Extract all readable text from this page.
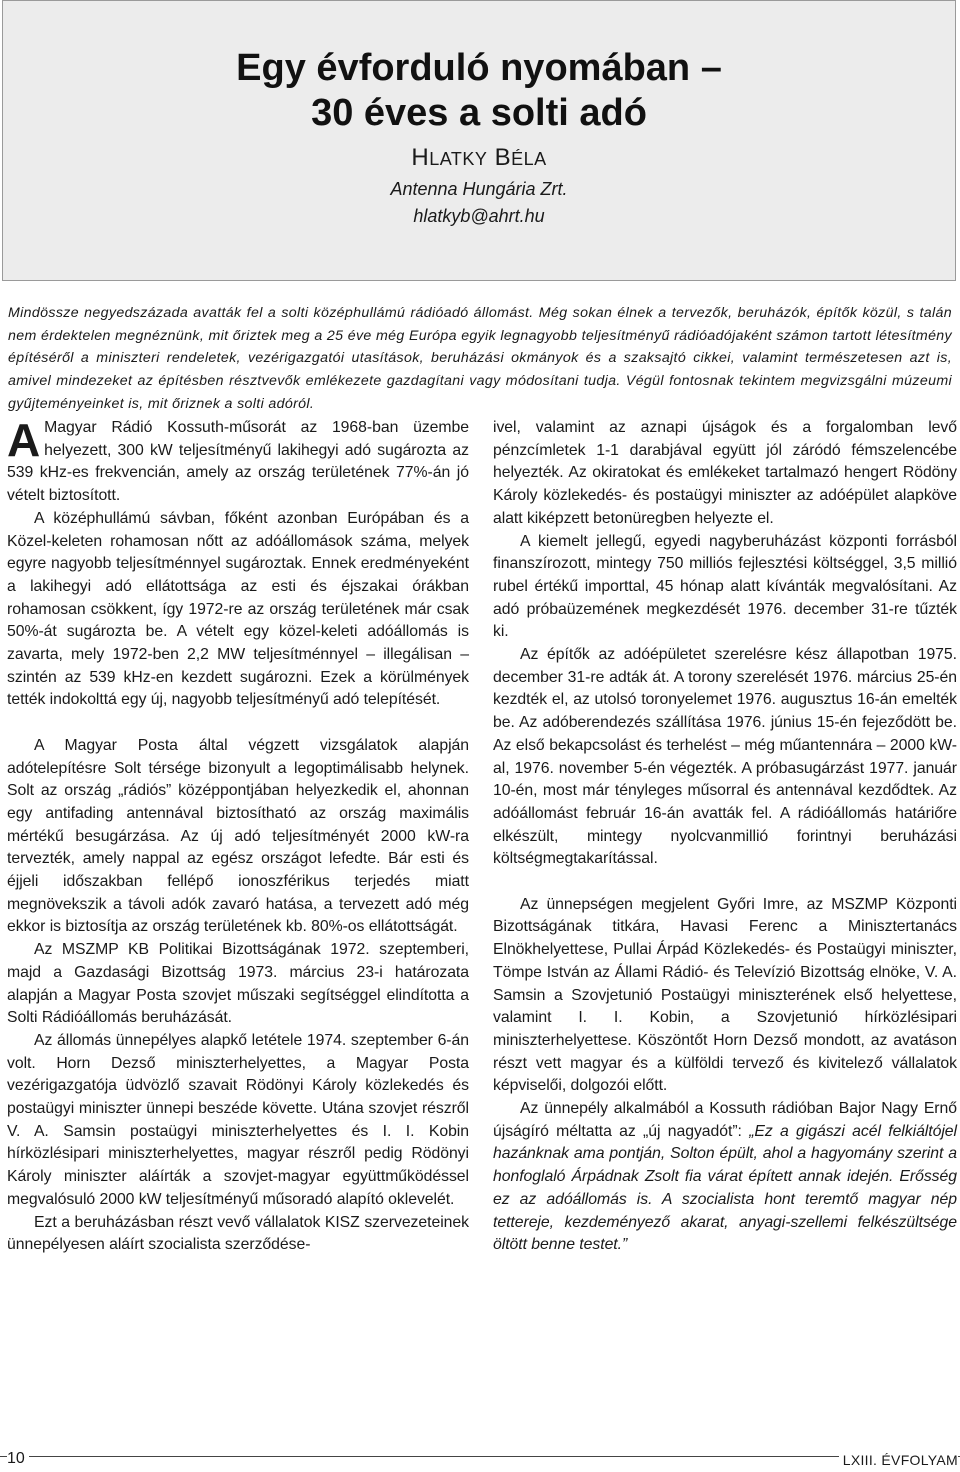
Egy évforduló nyomában –
30 éves a solti adó
HLATKY BÉLA
Antenna Hungária Zrt.
hlatkyb@ahrt.hu
Mindössze negyedszázada avatták fel a solti középhullámú rádióadó állomást. Még sokan élnek a tervezők, beruházók, építők közül, s talán nem érdektelen megnéznünk, mit őriztek meg a 25 éve még Európa egyik legnagyobb teljesítményű rádióadójaként számon tartott létesítmény építéséről a miniszteri rendeletek, vezérigazgatói utasítások, beruházási okmányok és a szaksajtó cikkei, valamint természetesen azt is, amivel mindezeket az építésben résztvevők emlékezete gazdagítani vagy módosítani tudja. Végül fontosnak tekintem megvizsgálni múzeumi gyűjteményeinket is, mit őriznek a solti adóról.

A Magyar Rádió Kossuth-műsorát az 1968-ban üzembe helyezett, 300 kW teljesítményű lakihegyi adó sugározta az 539 kHz-es frekvencián, amely az ország területének 77%-án jó vételt biztosított.

A középhullámú sávban, főként azonban Európában és a Közel-keleten rohamosan nőtt az adóállomások száma, melyek egyre nagyobb teljesítménnyel sugároztak. Ennek eredményeként a lakihegyi adó ellátottsága az esti és éjszakai órákban rohamosan csökkent, így 1972-re az ország területének már csak 50%-át sugározta be. A vételt egy közel-keleti adóállomás is zavarta, mely 1972-ben 2,2 MW teljesítménnyel – illegálisan – szintén az 539 kHz-en kezdett sugározni. Ezek a körülmények tették indokolttá egy új, nagyobb teljesítményű adó telepítését.

A Magyar Posta által végzett vizsgálatok alapján adótelepítésre Solt térsége bizonyult a legoptimálisabb helynek. Solt az ország „rádiós” középpontjában helyezkedik el, ahonnan egy antifading antennával biztosítható az ország maximális mértékű besugárzása. Az új adó teljesítményét 2000 kW-ra tervezték, amely nappal az egész országot lefedte. Bár esti és éjjeli időszakban fellépő ionoszférikus terjedés miatt megnövekszik a távoli adók zavaró hatása, a tervezett adó még ekkor is biztosítja az ország területének kb. 80%-os ellátottságát.

Az MSZMP KB Politikai Bizottságának 1972. szeptemberi, majd a Gazdasági Bizottság 1973. március 23-i határozata alapján a Magyar Posta szovjet műszaki segítséggel elindította a Solti Rádióállomás beruházását.

Az állomás ünnepélyes alapkő letétele 1974. szeptember 6-án volt. Horn Dezső miniszterhelyettes, a Magyar Posta vezérigazgatója üdvözlő szavait Rödönyi Károly közlekedés és postaügyi miniszter ünnepi beszéde követte. Utána szovjet részről V. A. Samsin postaügyi miniszterhelyettes és I. I. Kobin hírközlésipari miniszterhelyettes, magyar részről pedig Rödönyi Károly miniszter aláírták a szovjet-magyar együttműködéssel megvalósuló 2000 kW teljesítményű műsoradó alapító oklevelét.

Ezt a beruházásban részt vevő vállalatok KISZ szervezeteinek ünnepélyesen aláírt szocialista szerződése-

ivel, valamint az aznapi újságok és a forgalomban levő pénzcímletek 1-1 darabjával együtt jól záródó fémszelencébe helyezték. Az okiratokat és emlékeket tartalmazó hengert Rödöny Károly közlekedés- és postaügyi miniszter az adóépület alapköve alatt kiképzett betonüregben helyezte el.

A kiemelt jellegű, egyedi nagyberuházást központi forrásból finanszírozott, mintegy 750 milliós fejlesztési költséggel, 3,5 millió rubel értékű importtal, 45 hónap alatt kívánták megvalósítani. Az adó próbaüzemének megkezdését 1976. december 31-re tűzték ki.

Az építők az adóépületet szerelésre kész állapotban 1975. december 31-re adták át. A torony szerelését 1976. március 25-én kezdték el, az utolsó toronyelemet 1976. augusztus 16-án emelték be. Az adóberendezés szállítása 1976. június 15-én fejeződött be. Az első bekapcsolást és terhelést – még műantennára – 2000 kW-al, 1976. november 5-én végezték. A próbasugárzást 1977. január 10-én, most már tényleges műsorral és antennával kezdődtek. Az adóállomást február 16-án avatták fel. A rádióállomás határiőre elkészült, mintegy nyolcvanmillió forintnyi beruházási költségmegtakarítással.

Az ünnepségen megjelent Győri Imre, az MSZMP Központi Bizottságának titkára, Havasi Ferenc a Minisztertanács Elnökhelyettese, Pullai Árpád Közlekedés- és Postaügyi miniszter, Tömpe István az Állami Rádió- és Televízió Bizottság elnöke, V. A. Samsin a Szovjetunió Postaügyi miniszterének első helyettese, valamint I. I. Kobin, a Szovjetunió hírközlésipari miniszterhelyettese. Köszöntőt Horn Dezső mondott, az avatáson részt vett magyar és a külföldi tervező és kivitelező vállalatok képviselői, dolgozói előtt.

Az ünnepély alkalmából a Kossuth rádióban Bajor Nagy Ernő újságíró méltatta az „új nagyadót”: „Ez a gigászi acél felkiáltójel hazánknak ama pontján, Solton épült, ahol a hagyomány szerint a honfoglaló Árpádnak Zsolt fia várat épített annak idején. Erősség ez az adóállomás is. A szocialista hont teremtő magyar nép tettereje, kezdeményező akarat, anyagi-szellemi felkészültsége öltött benne testet.”

10	LXIII. ÉVFOLYAM
